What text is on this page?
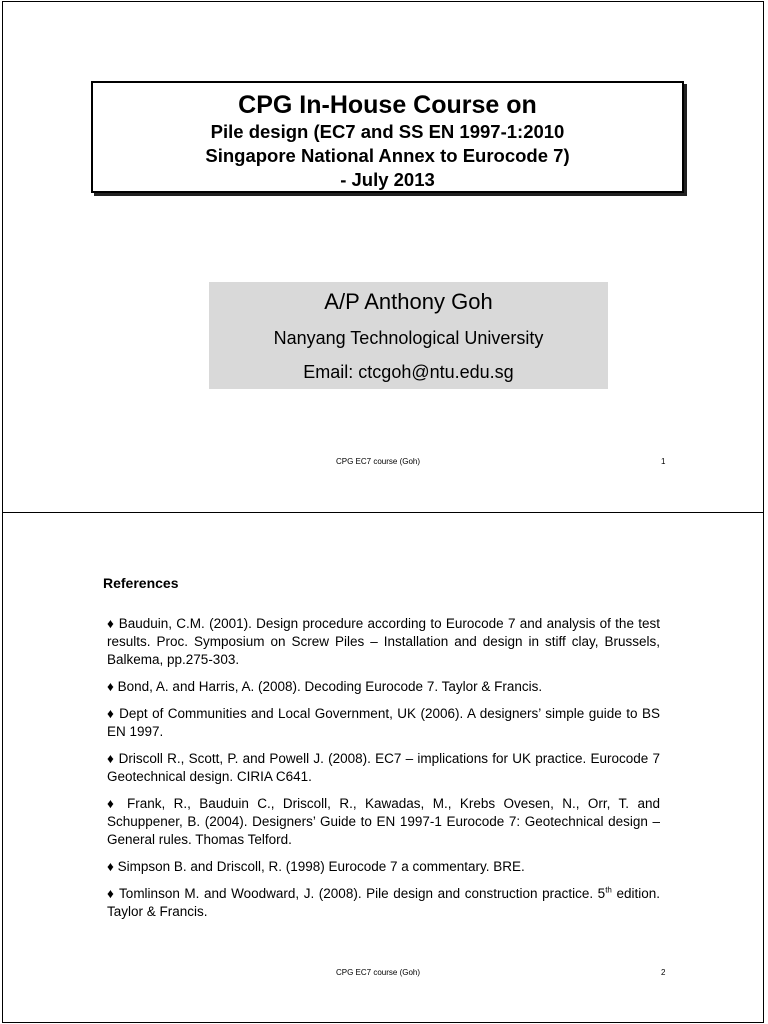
CPG In-House Course on
Pile design (EC7 and SS EN 1997-1:2010
Singapore National Annex to Eurocode 7)
- July 2013
A/P Anthony Goh
Nanyang Technological University
Email: ctcgoh@ntu.edu.sg
CPG EC7 course (Goh)	1
References
♦ Bauduin, C.M. (2001). Design procedure according to Eurocode 7 and analysis of the test results. Proc. Symposium on Screw Piles – Installation and design in stiff clay, Brussels, Balkema, pp.275-303.
♦ Bond, A. and Harris, A. (2008). Decoding Eurocode 7. Taylor & Francis.
♦ Dept of Communities and Local Government, UK (2006). A designers’ simple guide to BS EN 1997.
♦ Driscoll R., Scott, P. and Powell J. (2008). EC7 – implications for UK practice. Eurocode 7 Geotechnical design. CIRIA C641.
♦ Frank, R., Bauduin C., Driscoll, R., Kawadas, M., Krebs Ovesen, N., Orr, T. and Schuppener, B. (2004). Designers’ Guide to EN 1997-1 Eurocode 7: Geotechnical design – General rules. Thomas Telford.
♦ Simpson B. and Driscoll, R. (1998) Eurocode 7 a commentary. BRE.
♦ Tomlinson M. and Woodward, J. (2008). Pile design and construction practice. 5th edition. Taylor & Francis.
CPG EC7 course (Goh)	2
